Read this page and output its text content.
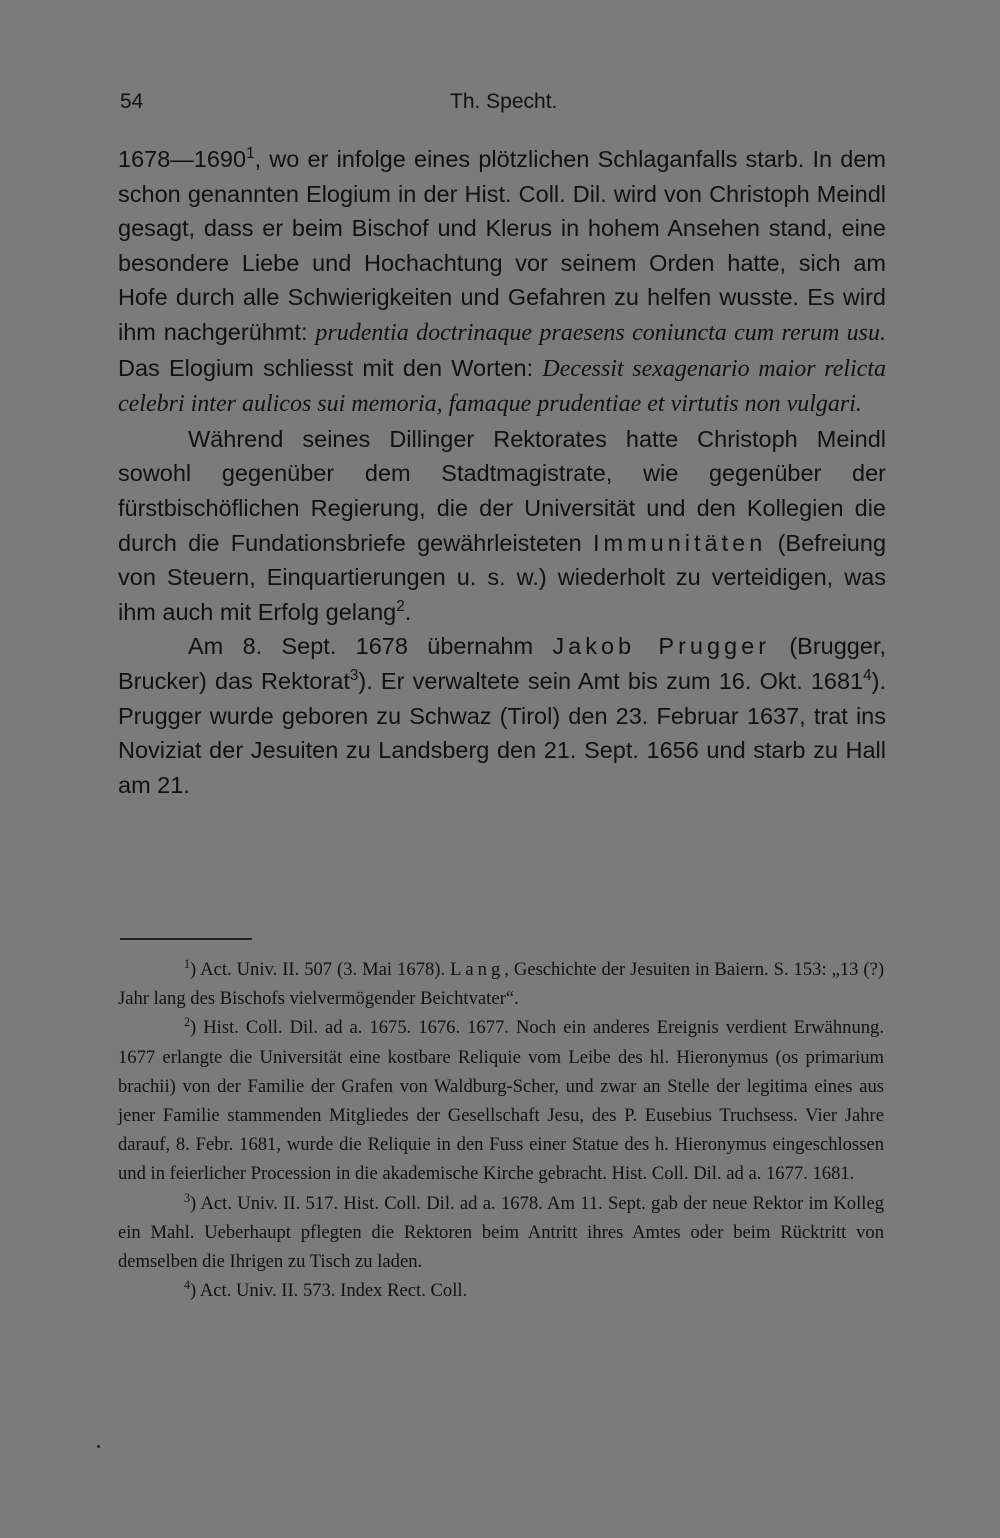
54	Th. Specht.

1678—1690$^1$, wo er infolge eines plötzlichen Schlaganfalls starb. In dem schon genannten Elogium in der Hist. Coll. Dil. wird von Christoph Meindl gesagt, dass er beim Bischof und Klerus in hohem Ansehen stand, eine besondere Liebe und Hochachtung vor seinem Orden hatte, sich am Hofe durch alle Schwierigkeiten und Gefahren zu helfen wusste. Es wird ihm nachgerühmt: prudentia doctrinaque praesens coniuncta cum rerum usu. Das Elogium schliesst mit den Worten: Decessit sexagenario maior relicta celebri inter aulicos sui memoria, famaque prudentiae et virtutis non vulgari.

Während seines Dillinger Rektorates hatte Christoph Meindl sowohl gegenüber dem Stadtmagistrate, wie gegenüber der fürstbischöflichen Regierung, die der Universität und den Kollegien die durch die Fundationsbriefe gewährleisteten Immunitäten (Befreiung von Steuern, Einquartierungen u. s. w.) wiederholt zu verteidigen, was ihm auch mit Erfolg gelang$^2$.

Am 8. Sept. 1678 übernahm Jakob Prugger (Brugger, Brucker) das Rektorat$^3$). Er verwaltete sein Amt bis zum 16. Okt. 1681$^4$). Prugger wurde geboren zu Schwaz (Tirol) den 23. Februar 1637, trat ins Noviziat der Jesuiten zu Landsberg den 21. Sept. 1656 und starb zu Hall am 21.

$^1$) Act. Univ. II. 507 (3. Mai 1678). Lang, Geschichte der Jesuiten in Baiern. S. 153: „13 (?) Jahr lang des Bischofs vielvermögender Beichtvater“.

$^2$) Hist. Coll. Dil. ad a. 1675. 1676. 1677. Noch ein anderes Ereignis verdient Erwähnung. 1677 erlangte die Universität eine kostbare Reliquie vom Leibe des hl. Hieronymus (os primarium brachii) von der Familie der Grafen von Waldburg-Scher, und zwar an Stelle der legitima eines aus jener Familie stammenden Mitgliedes der Gesellschaft Jesu, des P. Eusebius Truchsess. Vier Jahre darauf, 8. Febr. 1681, wurde die Reliquie in den Fuss einer Statue des h. Hieronymus eingeschlossen und in feierlicher Procession in die akademische Kirche gebracht. Hist. Coll. Dil. ad a. 1677. 1681.

$^3$) Act. Univ. II. 517. Hist. Coll. Dil. ad a. 1678. Am 11. Sept. gab der neue Rektor im Kolleg ein Mahl. Ueberhaupt pflegten die Rektoren beim Antritt ihres Amtes oder beim Rücktritt von demselben die Ihrigen zu Tisch zu laden.

$^4$) Act. Univ. II. 573. Index Rect. Coll.
